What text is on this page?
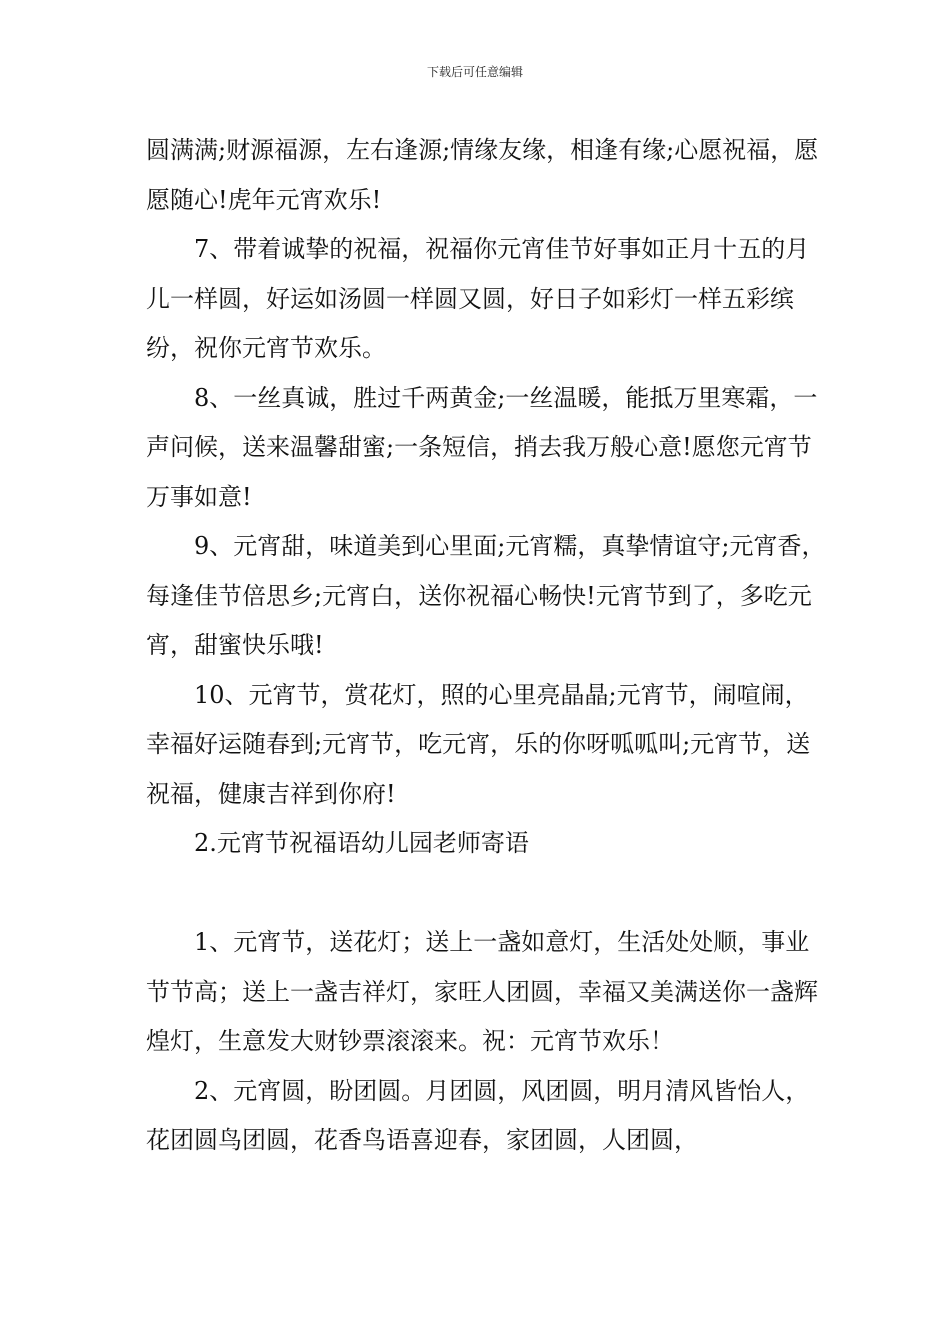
下载后可任意编辑

圆满满;财源福源，左右逢源;情缘友缘，相逢有缘;心愿祝福，愿愿随心!虎年元宵欢乐!

7、带着诚挚的祝福，祝福你元宵佳节好事如正月十五的月儿一样圆，好运如汤圆一样圆又圆，好日子如彩灯一样五彩缤纷，祝你元宵节欢乐。

8、一丝真诚，胜过千两黄金;一丝温暖，能抵万里寒霜，一声问候，送来温馨甜蜜;一条短信，捎去我万般心意!愿您元宵节万事如意!

9、元宵甜，味道美到心里面;元宵糯，真挚情谊守;元宵香，每逢佳节倍思乡;元宵白，送你祝福心畅快!元宵节到了，多吃元宵，甜蜜快乐哦!

10、元宵节，赏花灯，照的心里亮晶晶;元宵节，闹喧闹，幸福好运随春到;元宵节，吃元宵，乐的你呀呱呱叫;元宵节，送祝福，健康吉祥到你府!

2.元宵节祝福语幼儿园老师寄语

1、元宵节，送花灯；送上一盏如意灯，生活处处顺，事业节节高；送上一盏吉祥灯，家旺人团圆，幸福又美满送你一盏辉煌灯，生意发大财钞票滚滚来。祝：元宵节欢乐！

2、元宵圆，盼团圆。月团圆，风团圆，明月清风皆怡人，花团圆鸟团圆，花香鸟语喜迎春，家团圆，人团圆，
